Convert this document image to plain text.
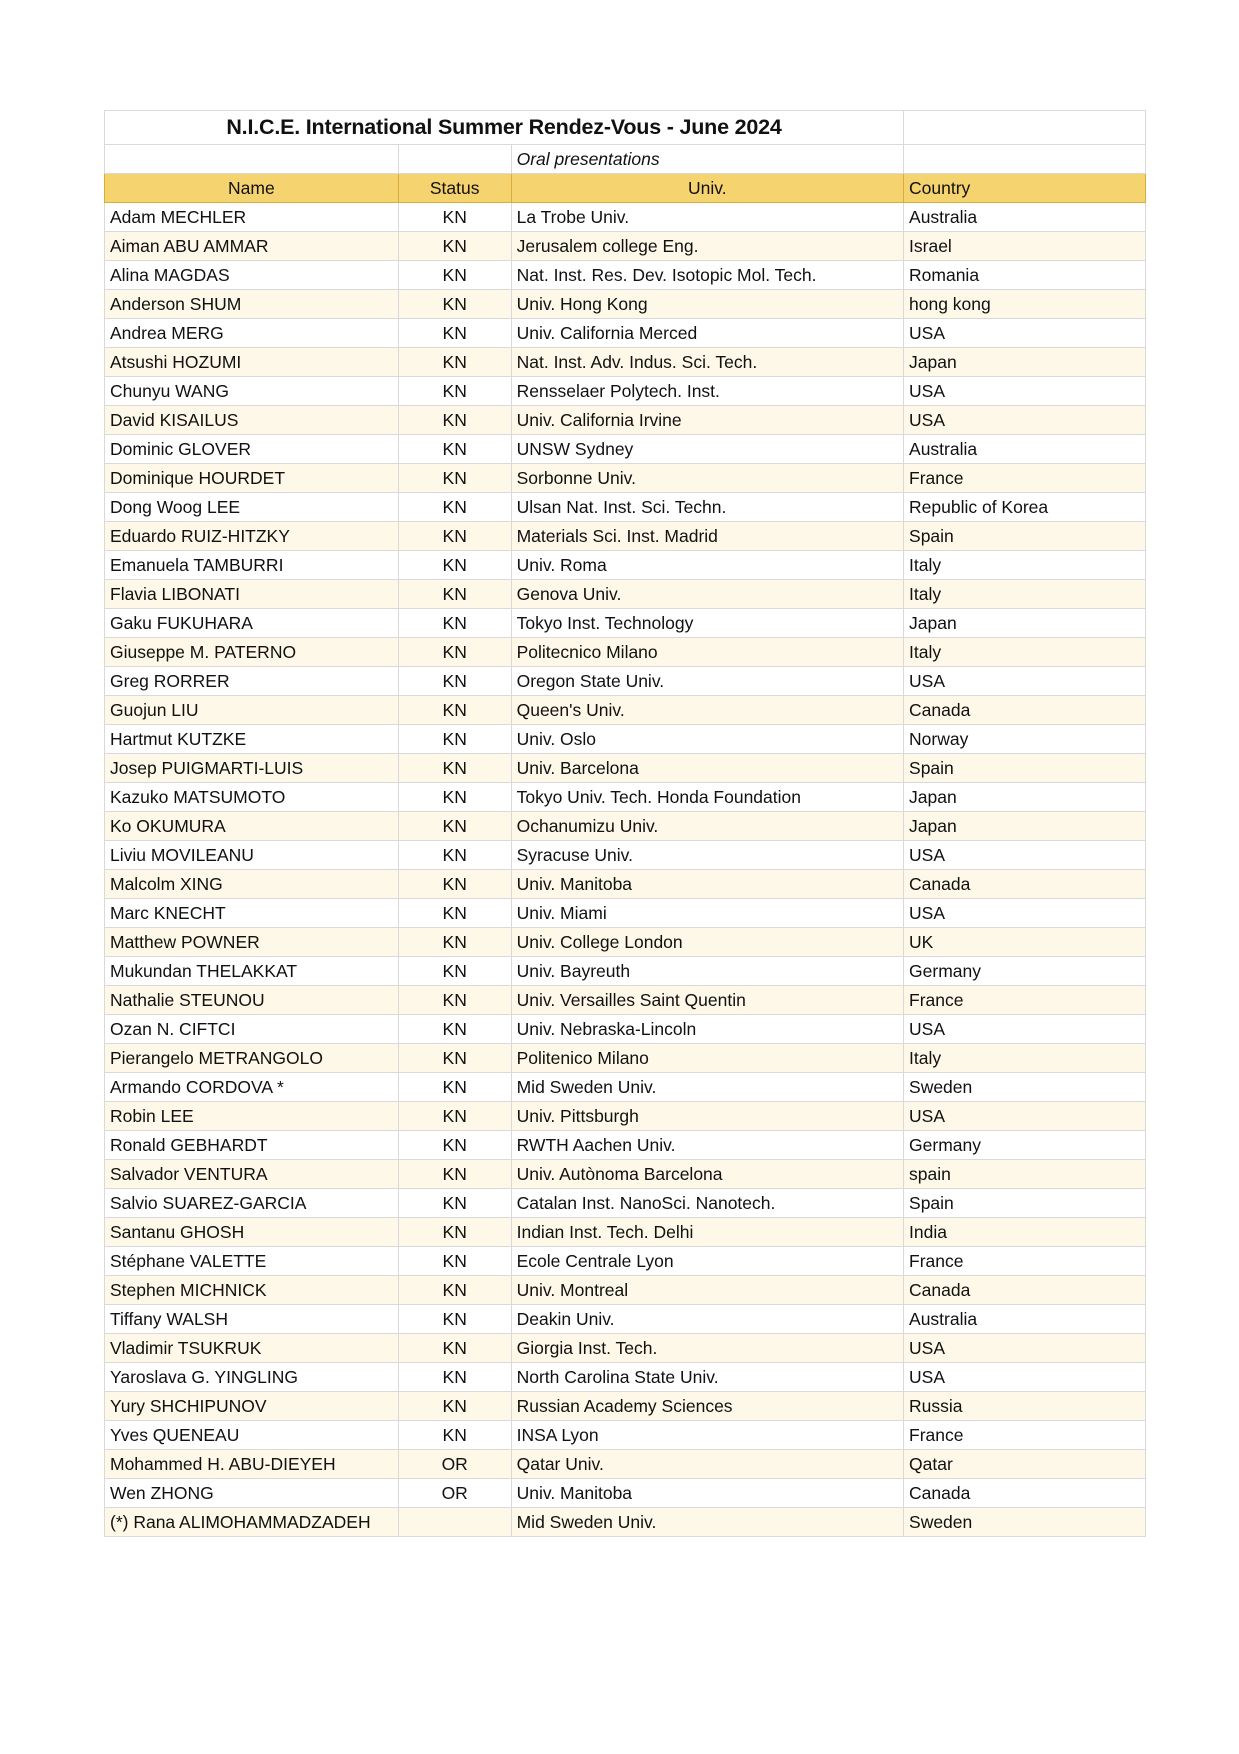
N.I.C.E. International Summer Rendez-Vous - June 2024			
		Oral presentations	
Name	Status	Univ.	Country
Adam MECHLER	KN	La Trobe Univ.	Australia
Aiman ABU AMMAR	KN	Jerusalem college Eng.	Israel
Alina MAGDAS	KN	Nat. Inst. Res. Dev. Isotopic Mol. Tech.	Romania
Anderson SHUM	KN	Univ. Hong Kong	hong kong
Andrea MERG	KN	Univ. California Merced	USA
Atsushi HOZUMI	KN	Nat. Inst. Adv. Indus. Sci. Tech.	Japan
Chunyu WANG	KN	Rensselaer Polytech. Inst.	USA
David KISAILUS	KN	Univ. California Irvine	USA
Dominic GLOVER	KN	UNSW Sydney	Australia
Dominique HOURDET	KN	Sorbonne Univ.	France
Dong Woog LEE	KN	Ulsan Nat. Inst. Sci. Techn.	Republic of Korea
Eduardo RUIZ-HITZKY	KN	Materials Sci. Inst. Madrid	Spain
Emanuela TAMBURRI	KN	Univ. Roma	Italy
Flavia LIBONATI	KN	Genova Univ.	Italy
Gaku FUKUHARA	KN	Tokyo Inst. Technology	Japan
Giuseppe M. PATERNO	KN	Politecnico Milano	Italy
Greg RORRER	KN	Oregon State Univ.	USA
Guojun LIU	KN	Queen's Univ.	Canada
Hartmut KUTZKE	KN	Univ. Oslo	Norway
Josep PUIGMARTI-LUIS	KN	Univ. Barcelona	Spain
Kazuko MATSUMOTO	KN	Tokyo Univ. Tech. Honda Foundation	Japan
Ko OKUMURA	KN	Ochanumizu Univ.	Japan
Liviu MOVILEANU	KN	Syracuse Univ.	USA
Malcolm XING	KN	Univ. Manitoba	Canada
Marc KNECHT	KN	Univ. Miami	USA
Matthew POWNER	KN	Univ. College London	UK
Mukundan THELAKKAT	KN	Univ. Bayreuth	Germany
Nathalie STEUNOU	KN	Univ. Versailles Saint Quentin	France
Ozan N. CIFTCI	KN	Univ. Nebraska-Lincoln	USA
Pierangelo METRANGOLO	KN	Politenico Milano	Italy
Armando CORDOVA *	KN	Mid Sweden Univ.	Sweden
Robin LEE	KN	Univ. Pittsburgh	USA
Ronald GEBHARDT	KN	RWTH Aachen Univ.	Germany
Salvador VENTURA	KN	Univ. Autònoma Barcelona	spain
Salvio SUAREZ-GARCIA	KN	Catalan Inst. NanoSci. Nanotech.	Spain
Santanu GHOSH	KN	Indian Inst. Tech. Delhi	India
Stéphane VALETTE	KN	Ecole Centrale Lyon	France
Stephen MICHNICK	KN	Univ. Montreal	Canada
Tiffany WALSH	KN	Deakin Univ.	Australia
Vladimir TSUKRUK	KN	Giorgia Inst. Tech.	USA
Yaroslava G. YINGLING	KN	North Carolina State Univ.	USA
Yury SHCHIPUNOV	KN	Russian Academy Sciences	Russia
Yves QUENEAU	KN	INSA Lyon	France
Mohammed H. ABU-DIEYEH	OR	Qatar Univ.	Qatar
Wen ZHONG	OR	Univ. Manitoba	Canada
(*) Rana ALIMOHAMMADZADEH		Mid Sweden Univ.	Sweden
